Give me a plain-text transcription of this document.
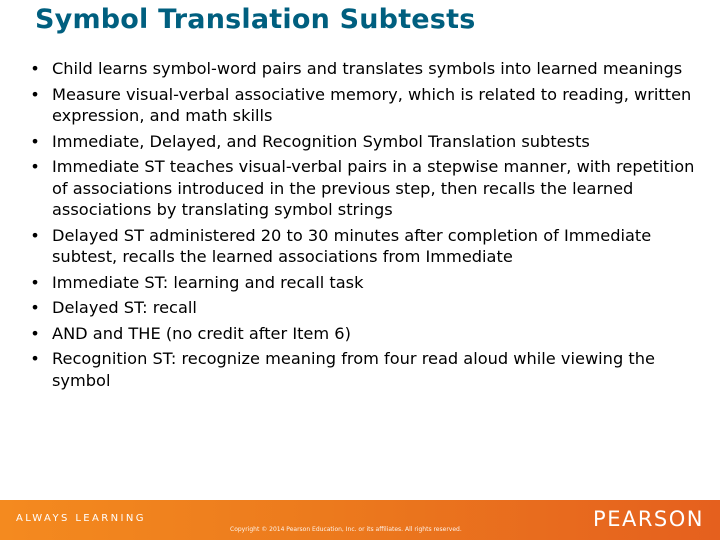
Symbol Translation Subtests
• Child learns symbol-word pairs and translates symbols into learned meanings
• Measure visual-verbal associative memory, which is related to reading, written expression, and math skills
• Immediate, Delayed, and Recognition Symbol Translation subtests
• Immediate ST teaches visual-verbal pairs in a stepwise manner, with repetition of associations introduced in the previous step, then recalls the learned associations by translating symbol strings
• Delayed ST administered 20 to 30 minutes after completion of Immediate subtest, recalls the learned associations from Immediate
• Immediate ST: learning and recall task
• Delayed ST: recall
• AND and THE (no credit after Item 6)
• Recognition ST: recognize meaning from four read aloud while viewing the symbol
ALWAYS LEARNING
Copyright © 2014 Pearson Education, Inc. or its affiliates. All rights reserved.	PEARSON
